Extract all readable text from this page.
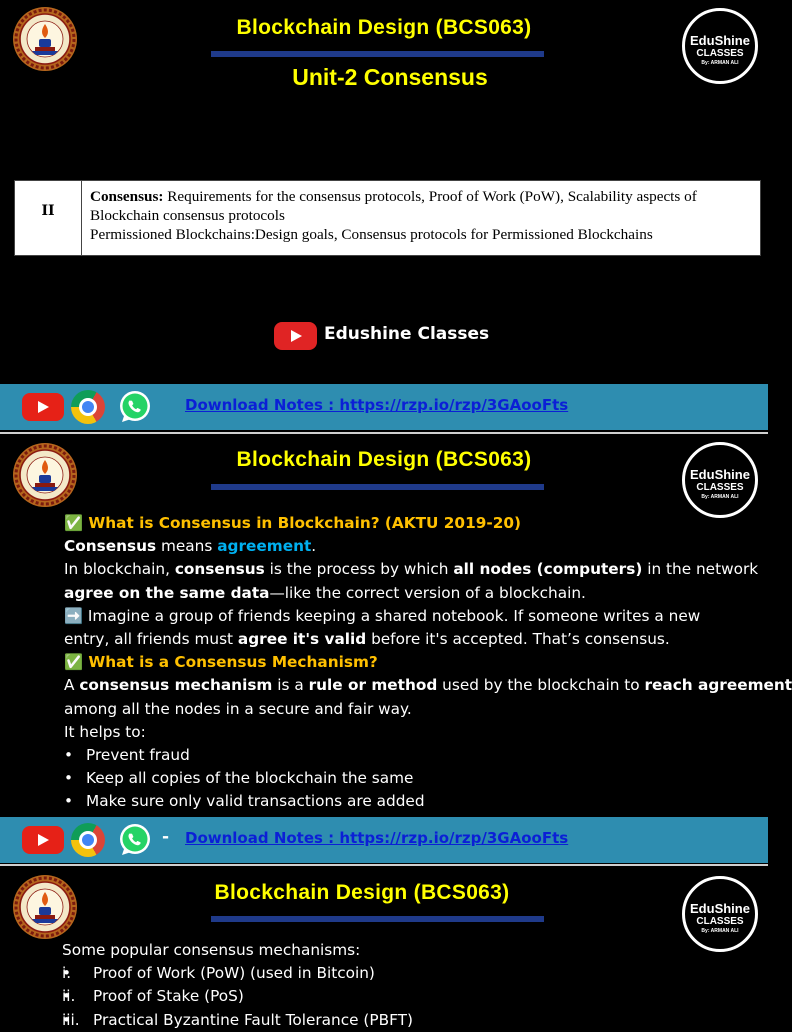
EduShine
CLASSES
By: ARMAN ALI
Blockchain Design (BCS063)
Unit-2 Consensus
II
Consensus: Requirements for the consensus protocols, Proof of Work (PoW), Scalability aspects of
Blockchain consensus protocols
Permissioned Blockchains:Design goals, Consensus protocols for Permissioned Blockchains
Edushine Classes
Download Notes : https://rzp.io/rzp/3GAooFts
EduShine
CLASSES
By: ARMAN ALI
Blockchain Design (BCS063)

✅ What is Consensus in Blockchain? (AKTU 2019-20)

Consensus means agreement.

In blockchain, consensus is the process by which all nodes (computers) in the network

agree on the same data—like the correct version of a blockchain.

➡️ Imagine a group of friends keeping a shared notebook. If someone writes a new

entry, all friends must agree it's valid before it's accepted. That’s consensus.

✅ What is a Consensus Mechanism?

A consensus mechanism is a rule or method used by the blockchain to reach agreement

among all the nodes in a secure and fair way.

It helps to:

• Prevent fraud
• Keep all copies of the blockchain the same
• Make sure only valid transactions are added
- Download Notes : https://rzp.io/rzp/3GAooFts
EduShine
CLASSES
By: ARMAN ALI
Blockchain Design (BCS063)

Some popular consensus mechanisms:

• i. Proof of Work (PoW) (used in Bitcoin)
• ii. Proof of Stake (PoS)
• iii. Practical Byzantine Fault Tolerance (PBFT)
